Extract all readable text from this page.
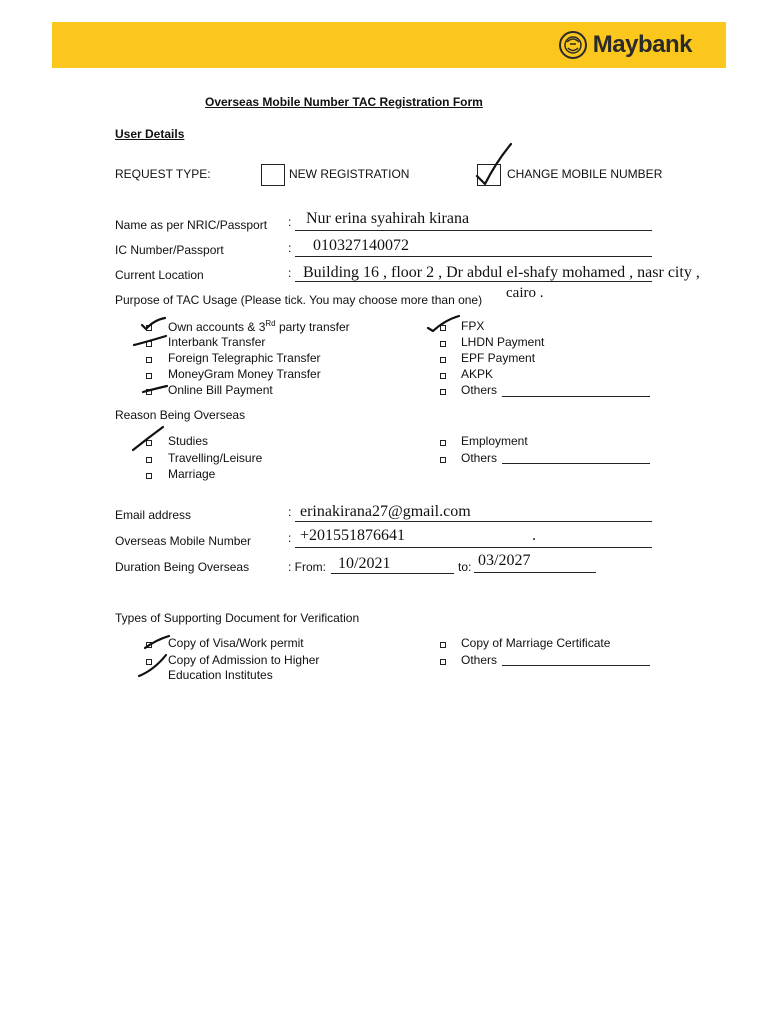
Maybank
Overseas Mobile Number TAC Registration Form
User Details
REQUEST TYPE:	NEW REGISTRATION	CHANGE MOBILE NUMBER
Name as per NRIC/Passport : Nur erina syahirah kirana
IC Number/Passport	: 010327140072
Current Location	: Building 16 , floor 2 , Dr abdul el-shafy mohamed , nasr city ,
cairo .
Purpose of TAC Usage (Please tick. You may choose more than one)
Own accounts & 3Rd party transfer
Interbank Transfer
Foreign Telegraphic Transfer
MoneyGram Money Transfer
Online Bill Payment
FPX
LHDN Payment
EPF Payment
AKPK
Others
Reason Being Overseas
Studies
Travelling/Leisure
Marriage
Employment
Others
Email address	: erinakirana27@gmail.com
Overseas Mobile Number	: +201551876641	.
Duration Being Overseas	: From: 10/2021	to: 03/2027
Types of Supporting Document for Verification
Copy of Visa/Work permit
Copy of Admission to Higher
Education Institutes
Copy of Marriage Certificate
Others
